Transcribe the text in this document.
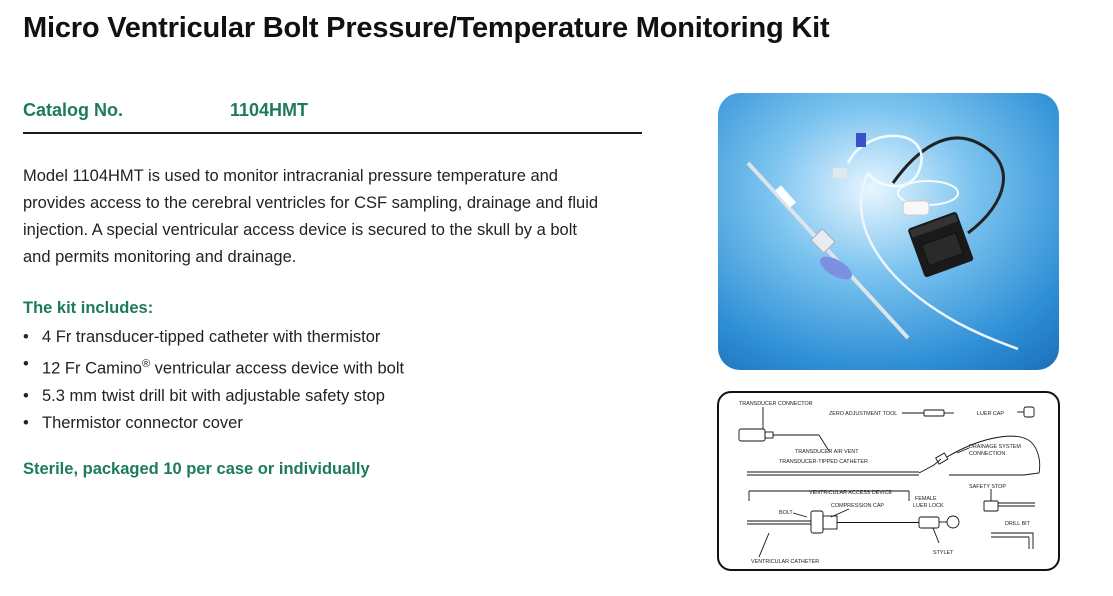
Micro Ventricular Bolt Pressure/Temperature Monitoring Kit
Catalog No.	1104HMT

Model 1104HMT is used to monitor intracranial pressure temperature and
provides access to the cerebral ventricles for CSF sampling, drainage and fluid
injection. A special ventricular access device is secured to the skull by a bolt
and permits monitoring and drainage.

The kit includes:
• 4 Fr transducer-tipped catheter with thermistor
• 12 Fr Camino® ventricular access device with bolt
• 5.3 mm twist drill bit with adjustable safety stop
• Thermistor connector cover

Sterile, packaged 10 per case or individually

TRANSDUCER CONNECTOR
ZERO ADJUSTMENT TOOL	LUER CAP
TRANSDUCER AIR VENT
TRANSDUCER-TIPPED CATHETER
DRAINAGE SYSTEM
CONNECTION
SAFETY STOP
VENTRICULAR ACCESS DEVICE
FEMALE
LUER LOCK
COMPRESSION CAP
BOLT
DRILL BIT
STYLET
VENTRICULAR CATHETER
